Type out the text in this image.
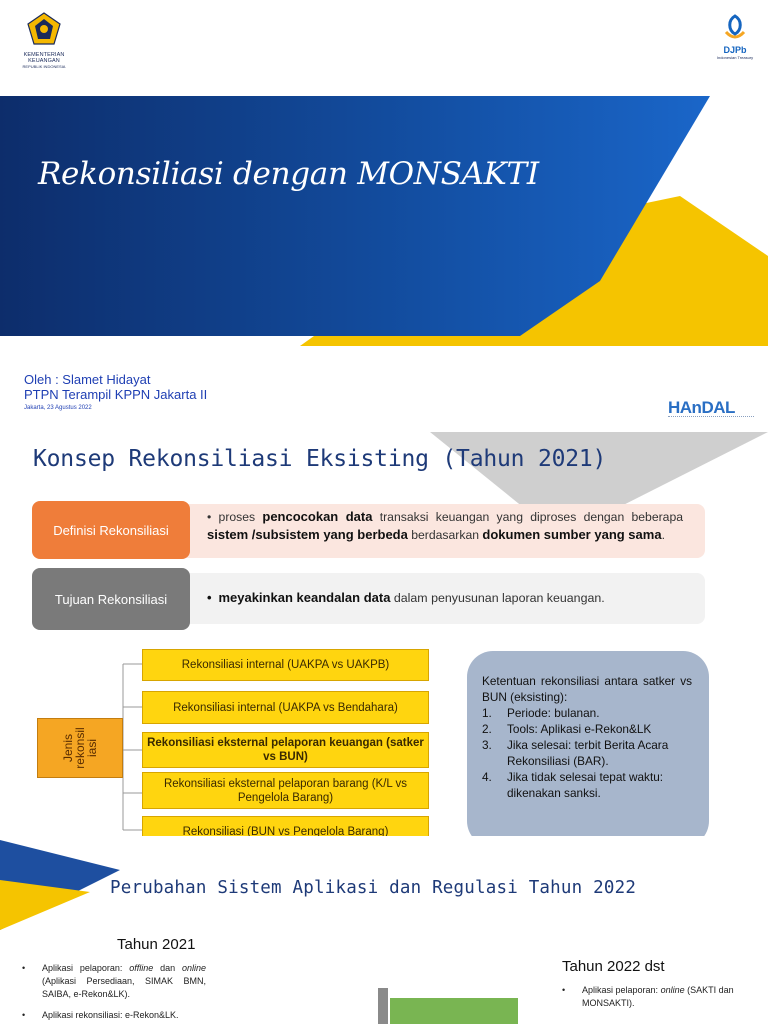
KEMENTERIAN KEUANGAN
REPUBLIK INDONESIA
DJPb
Indonesian Treasury
Rekonsiliasi dengan MONSAKTI
Oleh : Slamet Hidayat
PTPN Terampil KPPN Jakarta II
Jakarta, 23 Agustus 2022	HAnDAL
Konsep Rekonsiliasi Eksisting (Tahun 2021)
Definisi Rekonsiliasi
• proses pencocokan data transaksi keuangan yang diproses dengan beberapa sistem /subsistem yang berbeda berdasarkan dokumen sumber yang sama.
Tujuan Rekonsiliasi	• meyakinkan keandalan data dalam penyusunan laporan keuangan.
Jenis rekonsil iasi
Rekonsiliasi internal (UAKPA vs UAKPB)
Rekonsiliasi internal (UAKPA vs Bendahara)
Rekonsiliasi eksternal pelaporan keuangan (satker vs BUN)
Rekonsiliasi eksternal pelaporan barang (K/L vs Pengelola Barang)
Rekonsiliasi (BUN vs Pengelola Barang)
Ketentuan rekonsiliasi antara satker vs BUN (eksisting):
1.	Periode: bulanan.
2.	Tools: Aplikasi e-Rekon&LK
3.	Jika selesai: terbit Berita Acara Rekonsiliasi (BAR).
4.	Jika tidak selesai tepat waktu: dikenakan sanksi.
Perubahan Sistem Aplikasi dan Regulasi Tahun 2022
Tahun 2021
•	Aplikasi pelaporan: offline dan online (Aplikasi Persediaan, SIMAK BMN, SAIBA, e-Rekon&LK).
•	Aplikasi rekonsiliasi: e-Rekon&LK.
Tahun 2022 dst
•	Aplikasi pelaporan: online (SAKTI dan MONSAKTI).
